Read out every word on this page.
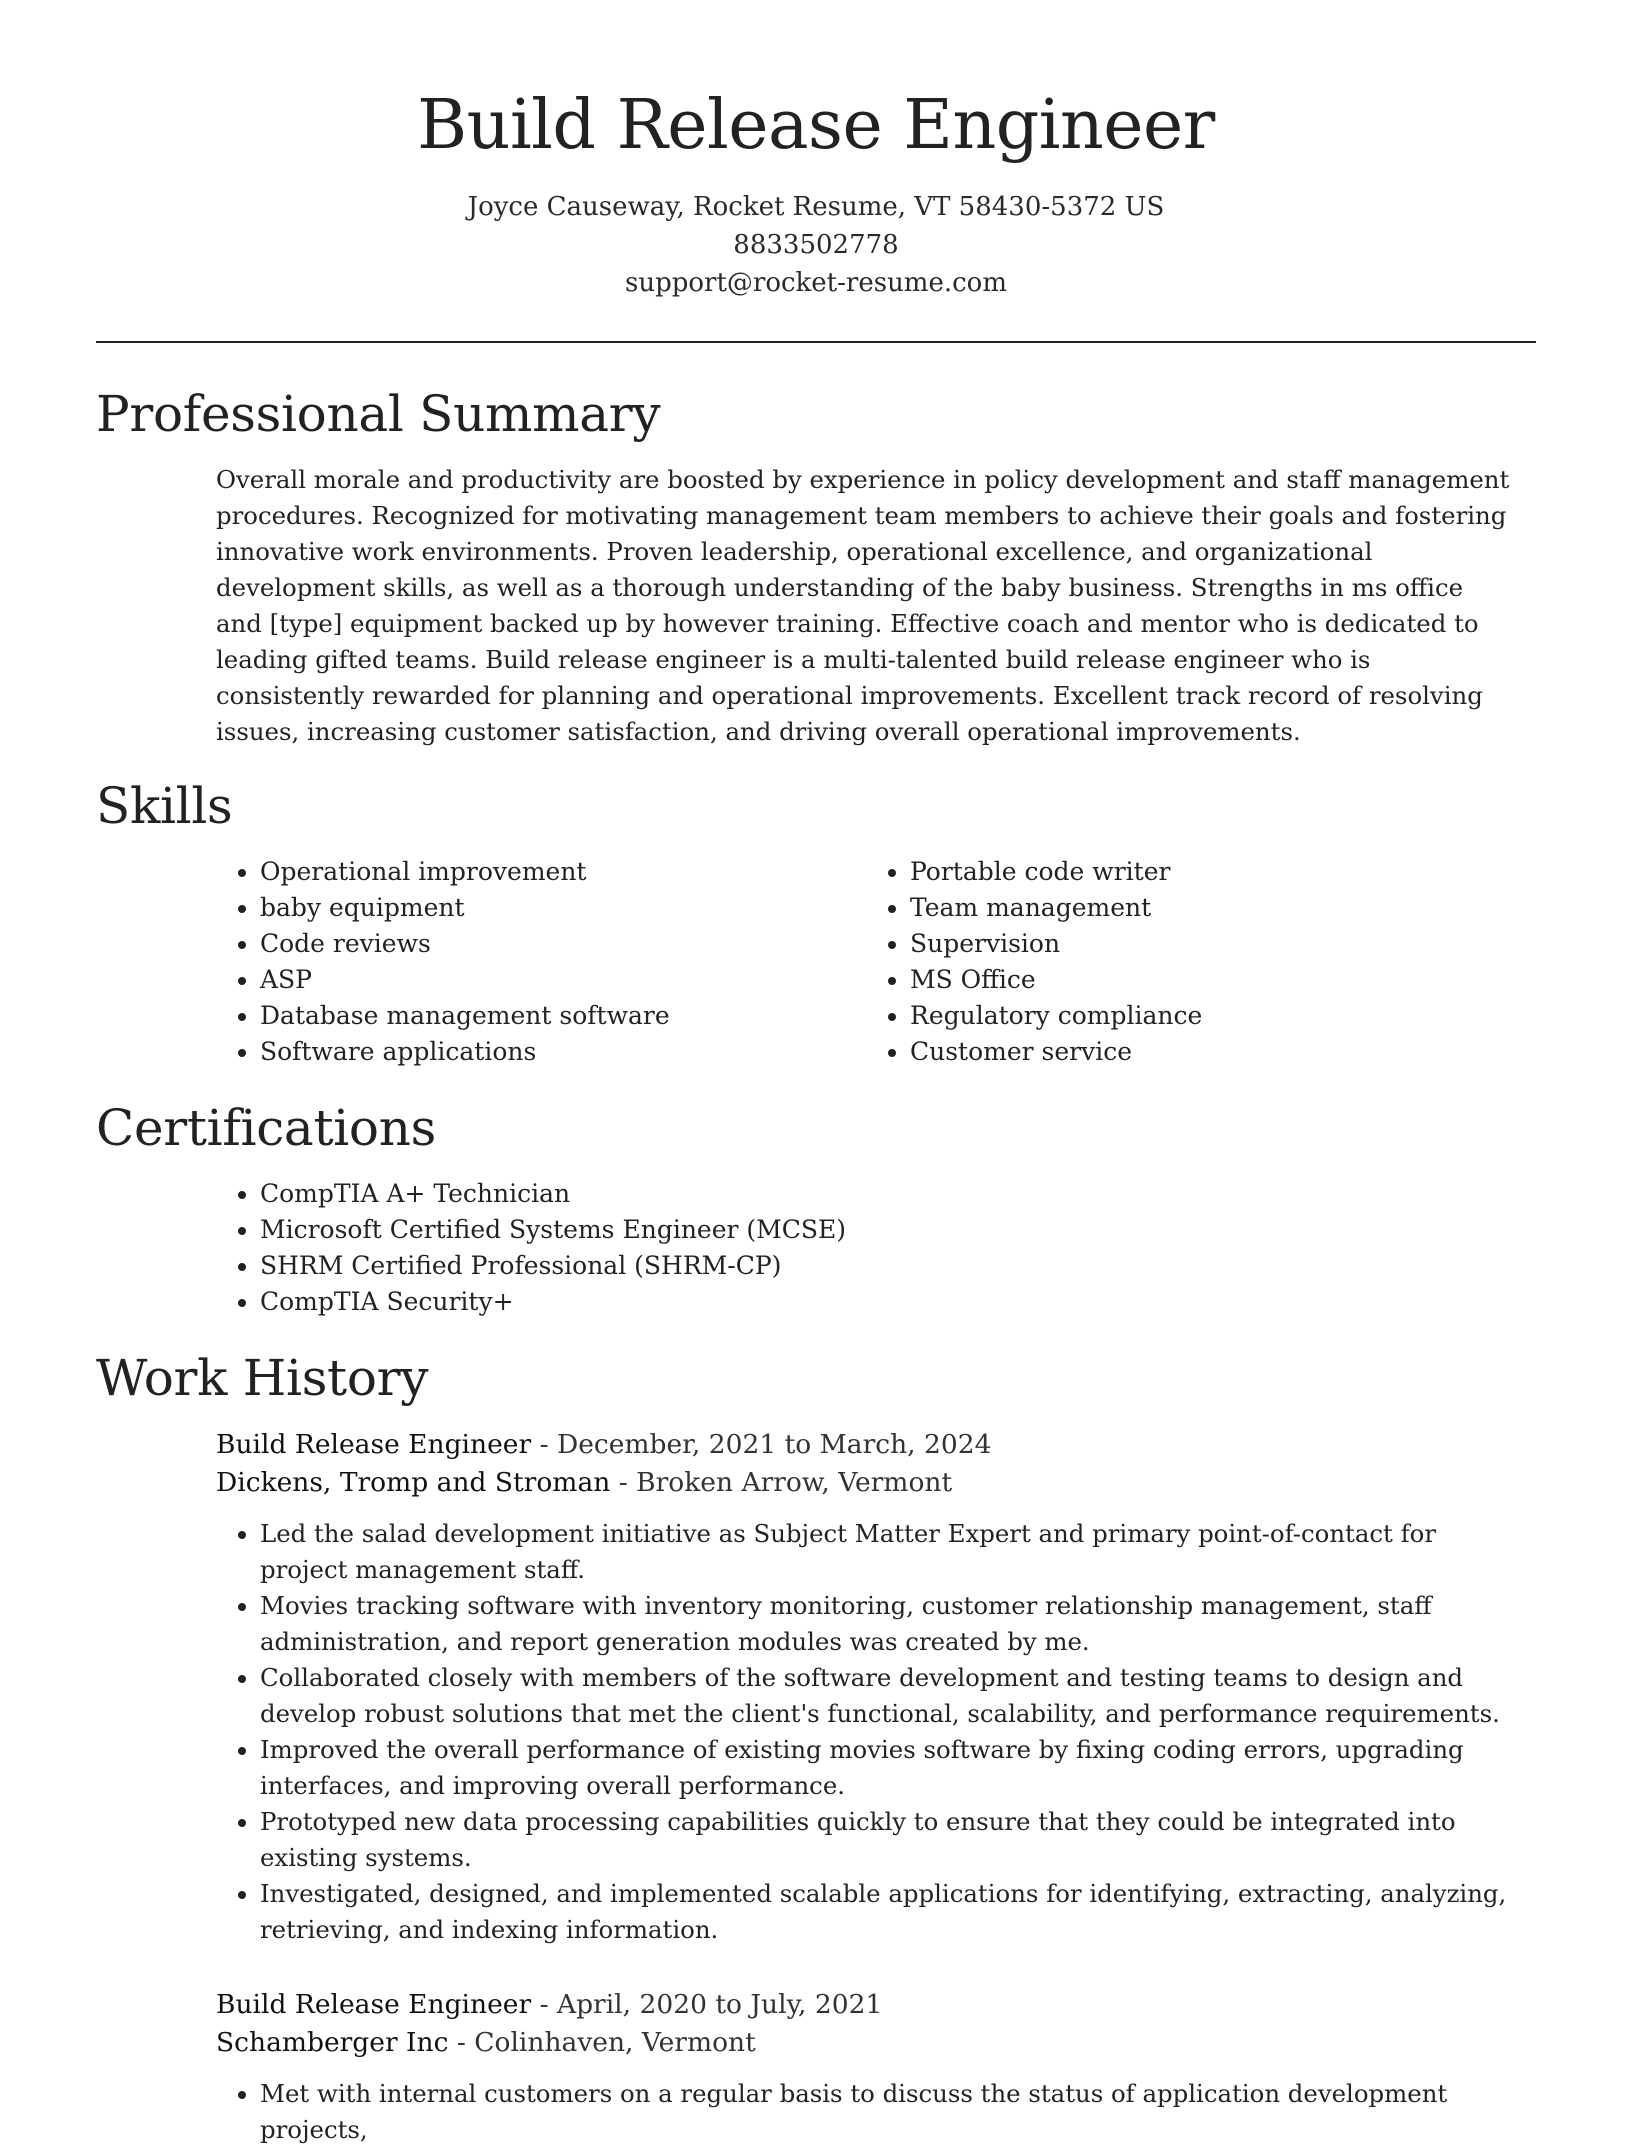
Build Release Engineer
Joyce Causeway, Rocket Resume, VT 58430-5372 US
8833502778
support@rocket-resume.com
Professional Summary

Overall morale and productivity are boosted by experience in policy development and staff management procedures. Recognized for motivating management team members to achieve their goals and fostering innovative work environments. Proven leadership, operational excellence, and organizational development skills, as well as a thorough understanding of the baby business. Strengths in ms office and [type] equipment backed up by however training. Effective coach and mentor who is dedicated to leading gifted teams. Build release engineer is a multi-talented build release engineer who is consistently rewarded for planning and operational improvements. Excellent track record of resolving issues, increasing customer satisfaction, and driving overall operational improvements.

Skills
• Operational improvement
• baby equipment
• Code reviews
• ASP
• Database management software
• Software applications
• Portable code writer
• Team management
• Supervision
• MS Office
• Regulatory compliance
• Customer service
Certifications
• CompTIA A+ Technician
• Microsoft Certified Systems Engineer (MCSE)
• SHRM Certified Professional (SHRM-CP)
• CompTIA Security+
Work History
Build Release Engineer - December, 2021 to March, 2024
Dickens, Tromp and Stroman - Broken Arrow, Vermont
• Led the salad development initiative as Subject Matter Expert and primary point-of-contact for project management staff.
• Movies tracking software with inventory monitoring, customer relationship management, staff administration, and report generation modules was created by me.
• Collaborated closely with members of the software development and testing teams to design and develop robust solutions that met the client's functional, scalability, and performance requirements.
• Improved the overall performance of existing movies software by fixing coding errors, upgrading interfaces, and improving overall performance.
• Prototyped new data processing capabilities quickly to ensure that they could be integrated into existing systems.
• Investigated, designed, and implemented scalable applications for identifying, extracting, analyzing, retrieving, and indexing information.
Build Release Engineer - April, 2020 to July, 2021
Schamberger Inc - Colinhaven, Vermont
• Met with internal customers on a regular basis to discuss the status of application development projects,
